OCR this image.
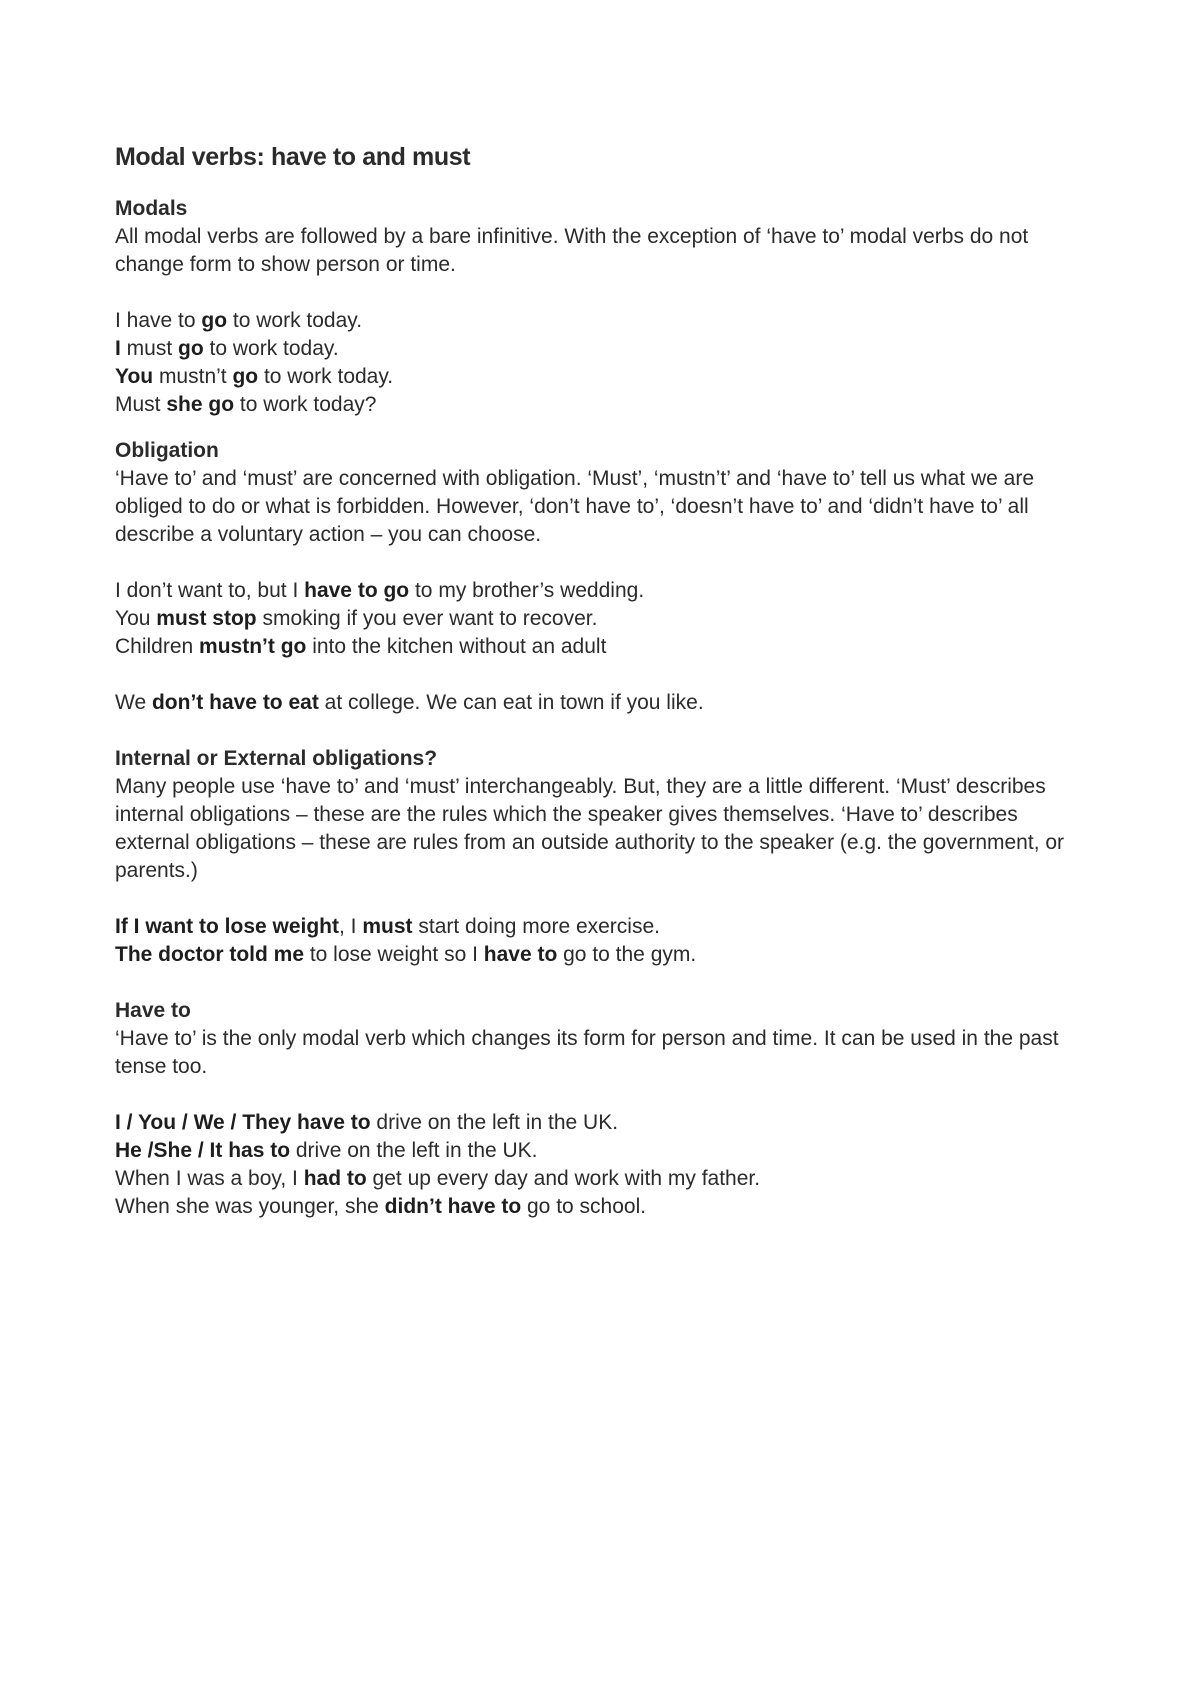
Modal verbs: have to and must
Modals
All modal verbs are followed by a bare infinitive. With the exception of ‘have to’ modal verbs do not change form to show person or time.
I have to go to work today.
I must go to work today.
You mustn’t go to work today.
Must she go to work today?
Obligation
‘Have to’ and ‘must’ are concerned with obligation. ‘Must’, ‘mustn’t’ and ‘have to’ tell us what we are obliged to do or what is forbidden. However, ‘don’t have to’, ‘doesn’t have to’ and ‘didn’t have to’ all describe a voluntary action – you can choose.
I don’t want to, but I have to go to my brother’s wedding.
You must stop smoking if you ever want to recover.
Children mustn’t go into the kitchen without an adult
We don’t have to eat at college. We can eat in town if you like.
Internal or External obligations?
Many people use ‘have to’ and ‘must’ interchangeably. But, they are a little different. ‘Must’ describes internal obligations – these are the rules which the speaker gives themselves. ‘Have to’ describes external obligations – these are rules from an outside authority to the speaker (e.g. the government, or parents.)
If I want to lose weight, I must start doing more exercise.
The doctor told me to lose weight so I have to go to the gym.
Have to
‘Have to’ is the only modal verb which changes its form for person and time. It can be used in the past tense too.
I / You / We / They have to drive on the left in the UK.
He /She / It has to drive on the left in the UK.
When I was a boy, I had to get up every day and work with my father.
When she was younger, she didn’t have to go to school.
